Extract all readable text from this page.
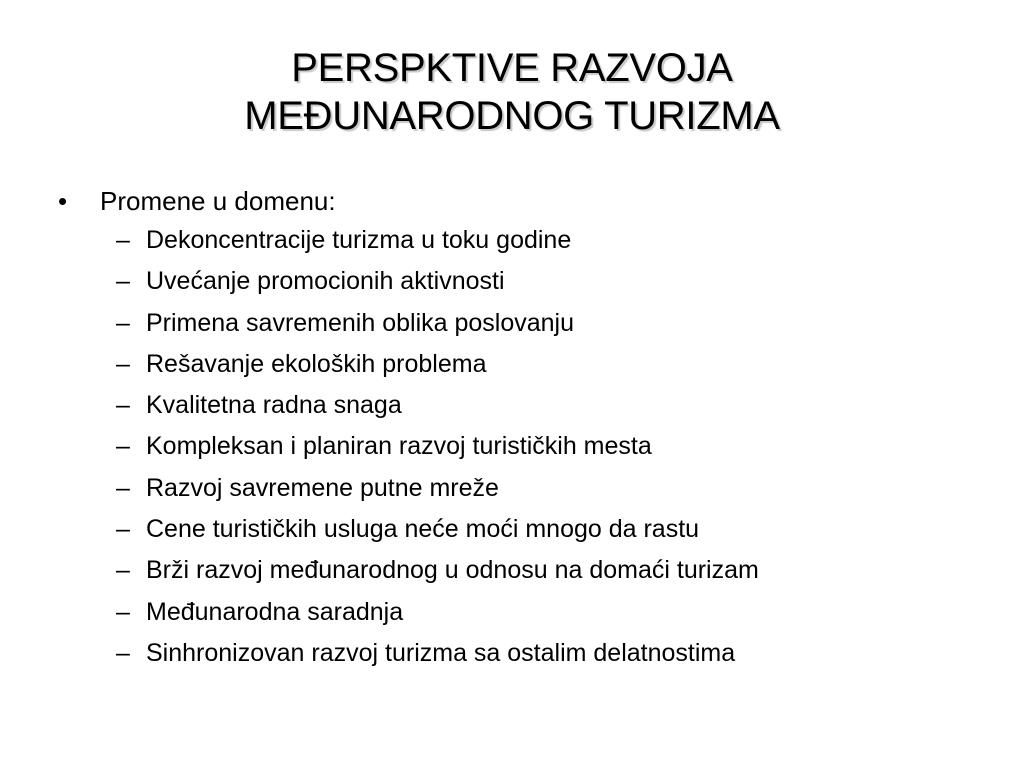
PERSPKTIVE RAZVOJA
MEĐUNARODNOG TURIZMA
•	Promene u domenu:
– Dekoncentracije turizma u toku godine
– Uvećanje promocionih aktivnosti
– Primena savremenih oblika poslovanju
– Rešavanje ekoloških problema
– Kvalitetna radna snaga
– Kompleksan i planiran razvoj turističkih mesta
– Razvoj savremene putne mreže
– Cene turističkih usluga neće moći mnogo da rastu
– Brži razvoj međunarodnog u odnosu na domaći turizam
– Međunarodna saradnja
– Sinhronizovan razvoj turizma sa ostalim delatnostima
